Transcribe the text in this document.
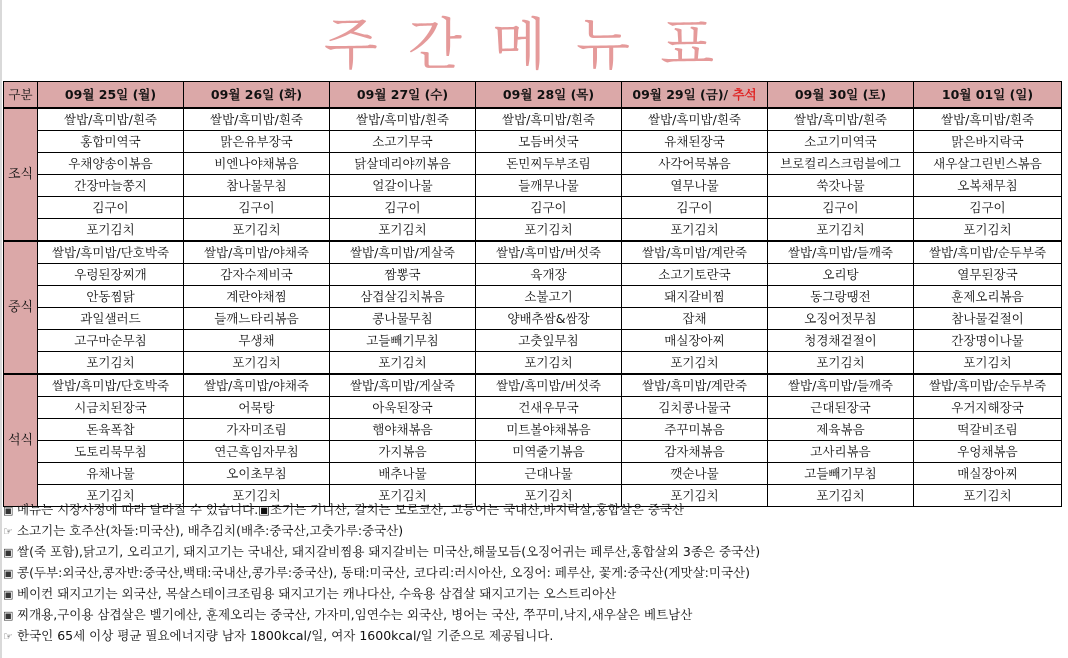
주간메뉴표
구분	09월 25일 (월)	09월 26일 (화)	09월 27일 (수)	09월 28일 (목)	09월 29일 (금)/ 추석	09월 30일 (토)	10월 01일 (일)
조식	쌀밥/흑미밥/흰죽	쌀밥/흑미밥/흰죽	쌀밥/흑미밥/흰죽	쌀밥/흑미밥/흰죽	쌀밥/흑미밥/흰죽	쌀밥/흑미밥/흰죽	쌀밥/흑미밥/흰죽
	홍합미역국	맑은유부장국	소고기무국	모듬버섯국	유채된장국	소고기미역국	맑은바지락국
	우채양송이볶음	비엔나야채볶음	닭살데리야끼볶음	돈민찌두부조림	사각어묵볶음	브로컬리스크럼블에그	새우살그린빈스볶음
	간장마늘쫑지	참나물무침	얼갈이나물	들깨무나물	열무나물	쑥갓나물	오복채무침
	김구이	김구이	김구이	김구이	김구이	김구이	김구이
	포기김치	포기김치	포기김치	포기김치	포기김치	포기김치	포기김치
중식	쌀밥/흑미밥/단호박죽	쌀밥/흑미밥/야채죽	쌀밥/흑미밥/게살죽	쌀밥/흑미밥/버섯죽	쌀밥/흑미밥/계란죽	쌀밥/흑미밥/들깨죽	쌀밥/흑미밥/순두부죽
	우렁된장찌개	감자수제비국	짬뽕국	육개장	소고기토란국	오리탕	열무된장국
	안동찜닭	계란야채찜	삼겹살김치볶음	소불고기	돼지갈비찜	동그랑땡전	훈제오리볶음
	과일샐러드	들깨느타리볶음	콩나물무침	양배추쌈&쌈장	잡채	오징어젓무침	참나물겉절이
	고구마순무침	무생채	고들빼기무침	고춧잎무침	매실장아찌	청경채겉절이	간장명이나물
	포기김치	포기김치	포기김치	포기김치	포기김치	포기김치	포기김치
석식	쌀밥/흑미밥/단호박죽	쌀밥/흑미밥/야채죽	쌀밥/흑미밥/게살죽	쌀밥/흑미밥/버섯죽	쌀밥/흑미밥/계란죽	쌀밥/흑미밥/들깨죽	쌀밥/흑미밥/순두부죽
	시금치된장국	어묵탕	아욱된장국	건새우무국	김치콩나물국	근대된장국	우거지해장국
	돈육폭찹	가자미조림	햄야채볶음	미트볼야채볶음	주꾸미볶음	제육볶음	떡갈비조림
	도토리묵무침	연근흑임자무침	가지볶음	미역줄기볶음	감자채볶음	고사리볶음	우엉채볶음
	유채나물	오이초무침	배추나물	근대나물	깻순나물	고들빼기무침	매실장아찌
	포기김치	포기김치	포기김치	포기김치	포기김치	포기김치	포기김치
▣ 메뉴는 시장사정에 따라 달라질 수 있습니다.▣조기는 기니산, 갈치는 모로코산, 고등어는 국내산,바지락살,홍합살은 중국산
☞ 소고기는 호주산(차돌:미국산), 배추김치(배추:중국산,고춧가루:중국산)
▣ 쌀(죽 포함),닭고기, 오리고기, 돼지고기는 국내산, 돼지갈비찜용 돼지갈비는 미국산,해물모듬(오징어귀는 페루산,홍합살외 3종은 중국산)
▣ 콩(두부:외국산,콩자반:중국산,백태:국내산,콩가루:중국산), 동태:미국산, 코다리:러시아산, 오징어: 페루산, 꽃게:중국산(게맛살:미국산)
▣ 베이컨 돼지고기는 외국산, 목살스테이크조림용 돼지고기는 캐나다산, 수육용 삼겹살 돼지고기는 오스트리아산
▣ 찌개용,구이용 삼겹살은 벨기에산, 훈제오리는 중국산, 가자미,임연수는 외국산, 병어는 국산, 쭈꾸미,낙지,새우살은 베트남산
☞ 한국인 65세 이상 평균 필요에너지량 남자 1800kcal/일, 여자 1600kcal/일 기준으로 제공됩니다.
